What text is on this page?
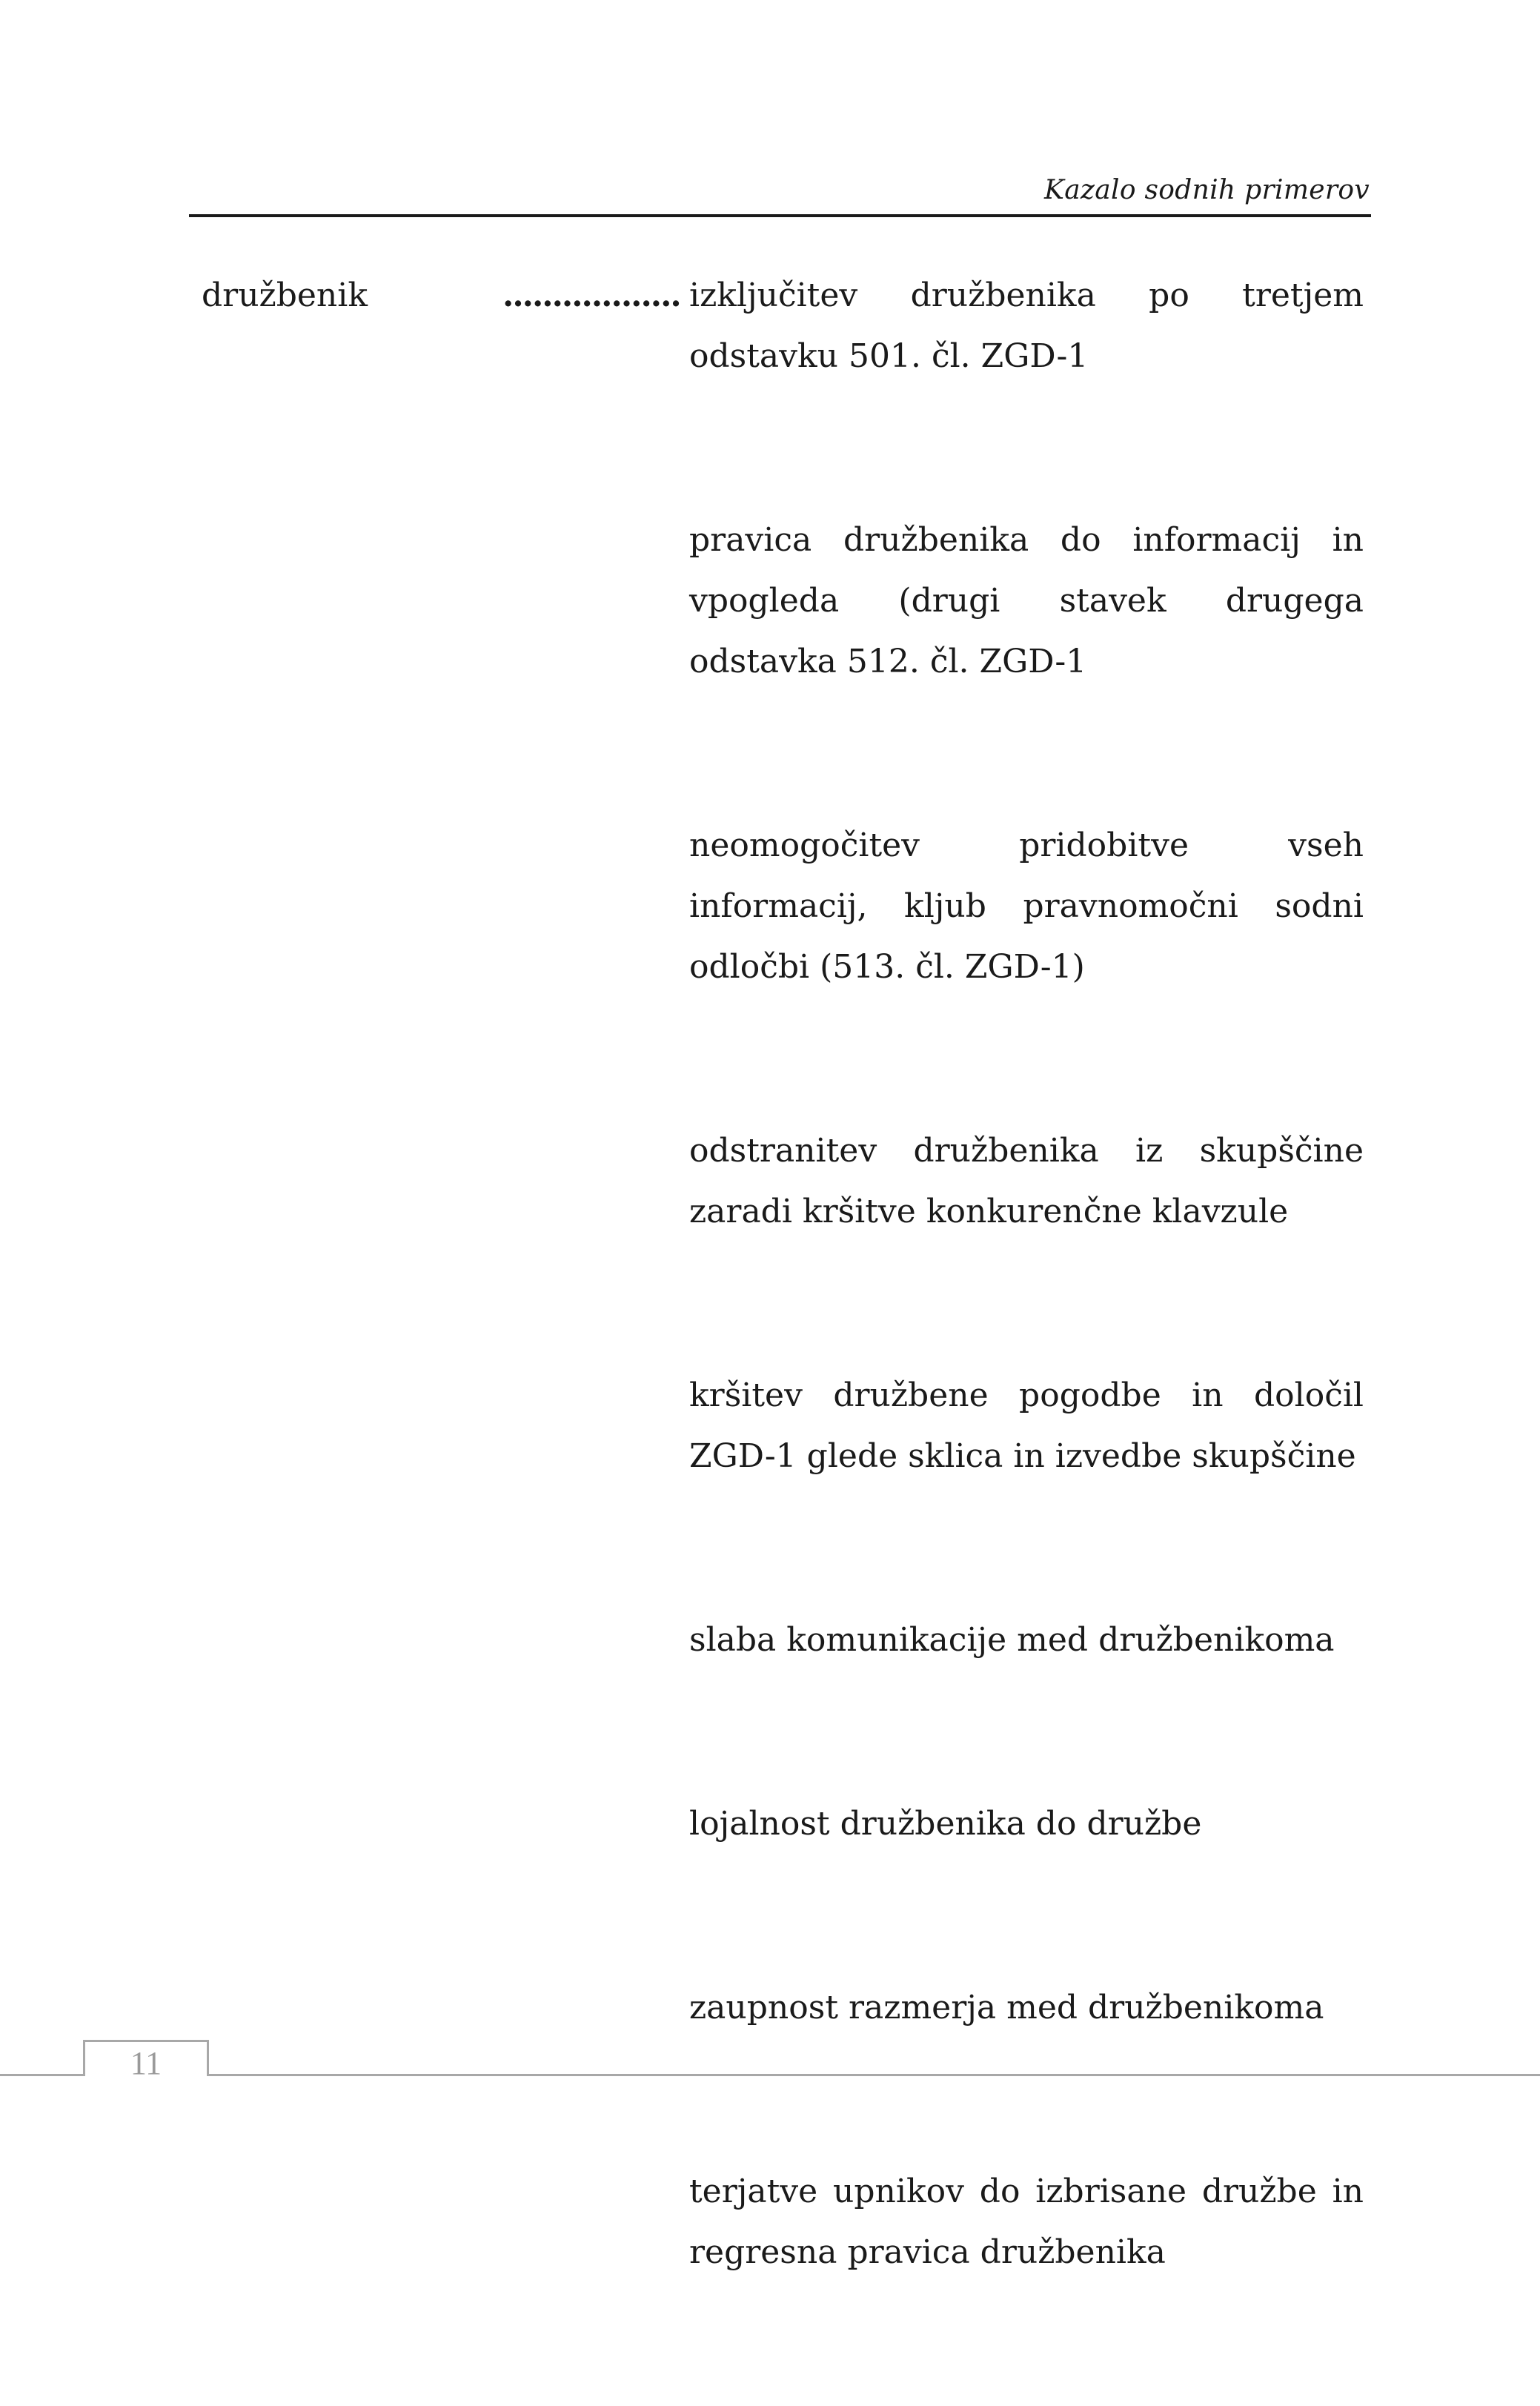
Kazalo sodnih primerov
družbenik	.................. izključitev družbenika po tretjem odstavku 501. čl. ZGD-1

pravica družbenika do informacij in vpogleda (drugi stavek drugega odstavka 512. čl. ZGD-1

neomogočitev pridobitve vseh informacij, kljub pravnomočni sodni odločbi (513. čl. ZGD-1)

odstranitev družbenika iz skupščine zaradi kršitve konkurenčne klavzule

kršitev družbene pogodbe in določil ZGD-1 glede sklica in izvedbe skupščine

slaba komunikacije med družbenikoma

lojalnost družbenika do družbe

zaupnost razmerja med družbenikoma

terjatve upnikov do izbrisane družbe in regresna pravica družbenika

11
